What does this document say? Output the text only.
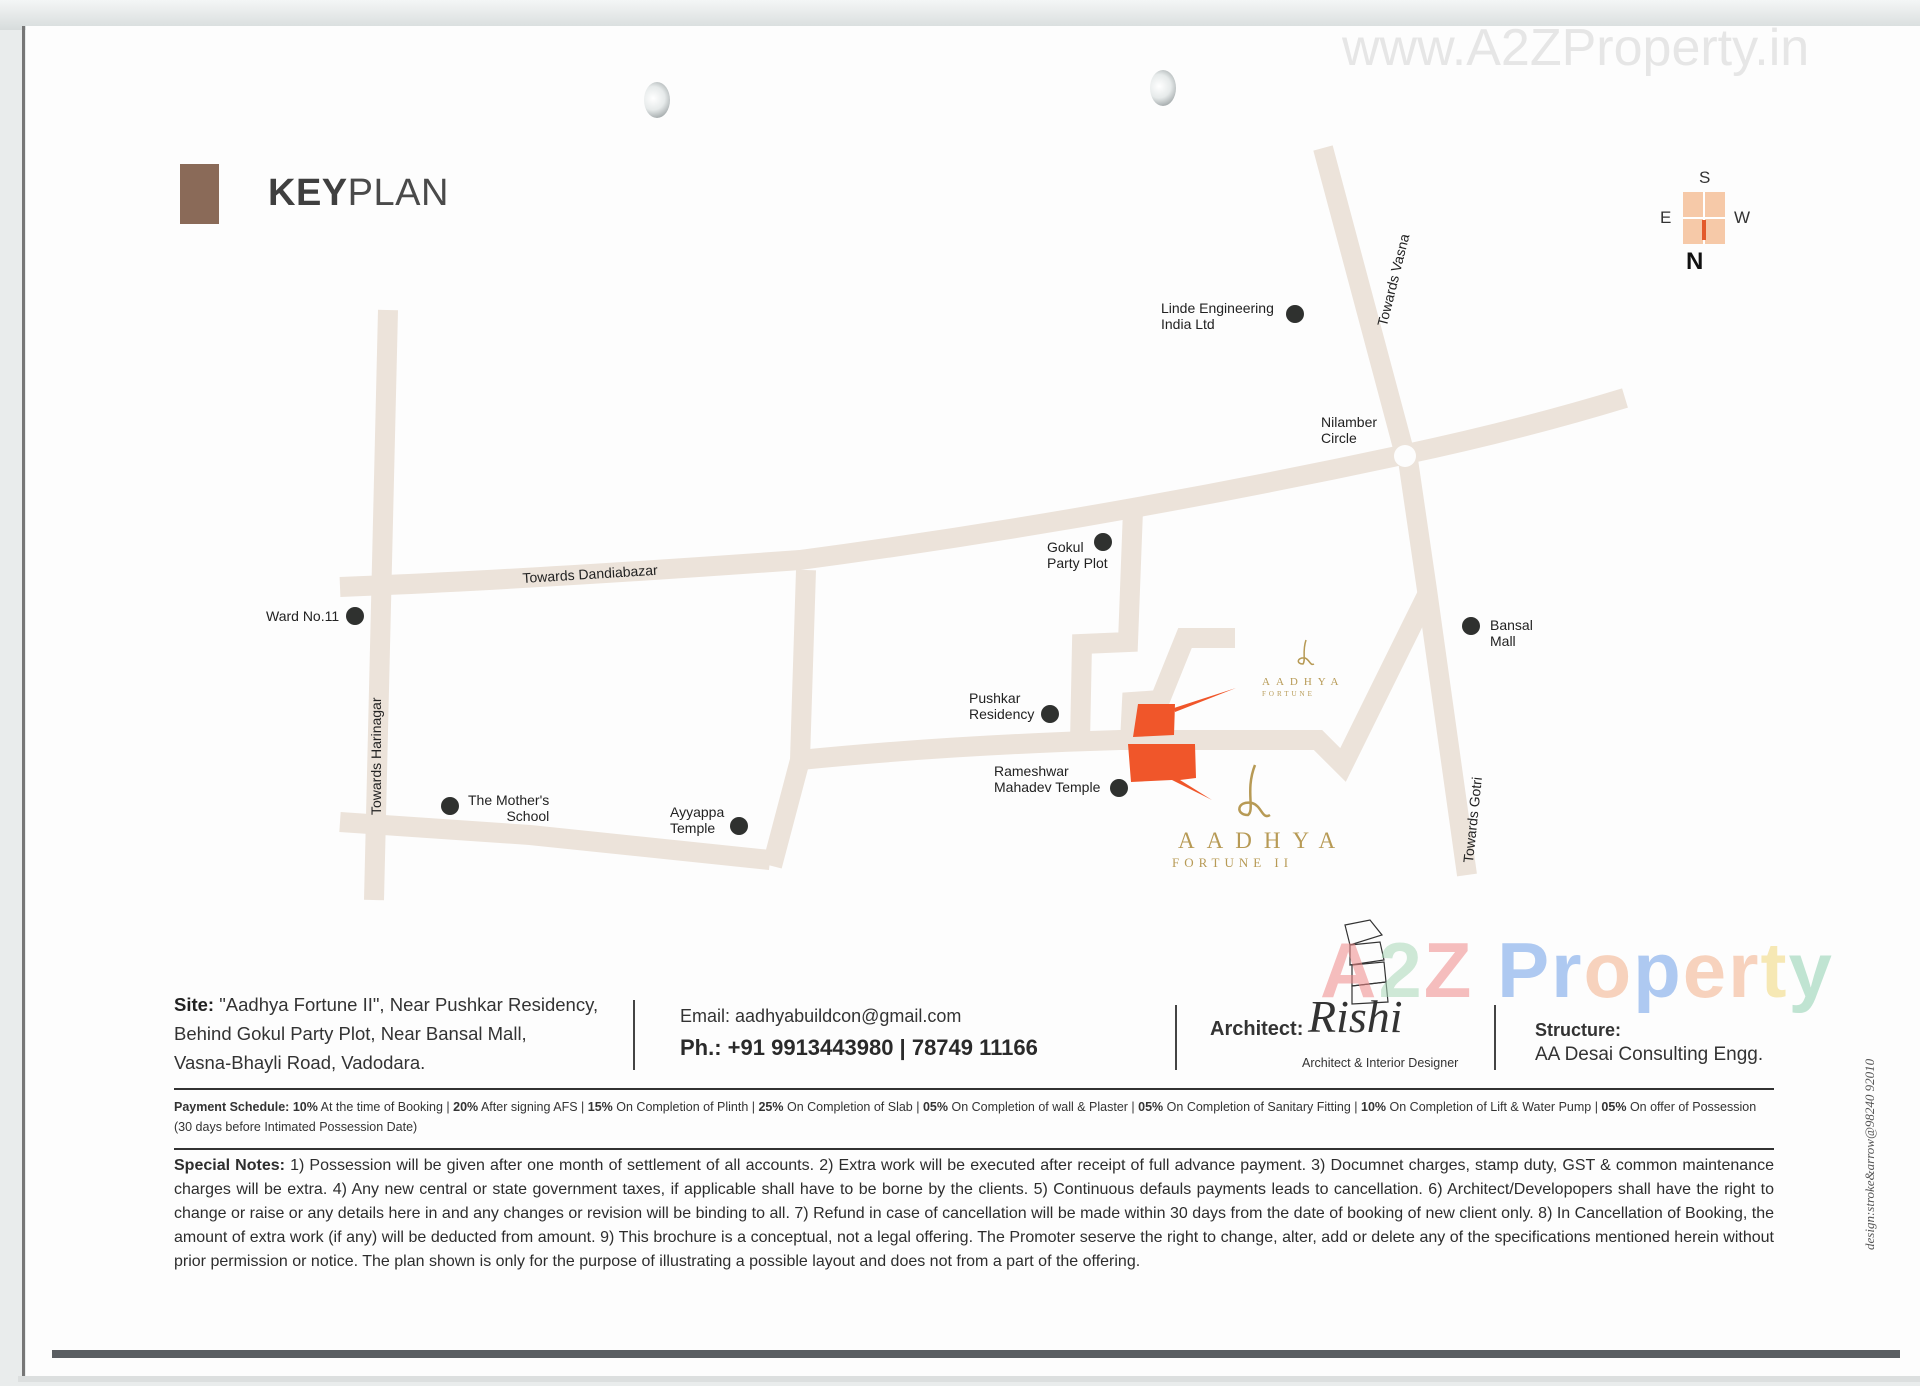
www.A2ZProperty.in
KEYPLAN	S
E	W
N
Towards Dandiabazar
Towards Harinagar
Towards Vasna
Towards Gotri
Linde Engineering
India Ltd
Nilamber
Circle
Gokul
Party Plot
Ward No.11
Bansal
Mall
Pushkar
Residency
Rameshwar
Mahadev Temple
The Mother's
School	Ayyappa
Temple
AADHYA
FORTUNE
AADHYA
FORTUNE II
A2Z Property
Site: "Aadhya Fortune II", Near Pushkar Residency,
Behind Gokul Party Plot, Near Bansal Mall,
Vasna-Bhayli Road, Vadodara.
Email: aadhyabuildcon@gmail.com
Ph.: +91 9913443980 | 78749 11166
Architect: Rishi
Architect & Interior Designer
Structure:
AA Desai Consulting Engg.
Payment Schedule: 10% At the time of Booking | 20% After signing AFS | 15% On Completion of Plinth | 25% On Completion of Slab | 05% On Completion of wall & Plaster | 05% On Completion of Sanitary Fitting | 10% On Completion of Lift & Water Pump | 05% On offer of Possession (30 days before Intimated Possession Date)
Special Notes: 1) Possession will be given after one month of settlement of all accounts. 2) Extra work will be executed after receipt of full advance payment. 3) Documnet charges, stamp duty, GST & common maintenance charges will be extra. 4) Any new central or state government taxes, if applicable shall have to be borne by the clients. 5) Continuous defauls payments leads to cancellation. 6) Architect/Developopers shall have the right to change or raise or any details here in and any changes or revision will be binding to all. 7) Refund in case of cancellation will be made within 30 days from the date of booking of new client only. 8) In Cancellation of Booking, the amount of extra work (if any) will be deducted from amount. 9) This brochure is a conceptual, not a legal offering. The Promoter seserve the right to change, alter, add or delete any of the specifications mentioned herein without prior permission or notice. The plan shown is only for the purpose of illustrating a possible layout and does not from a part of the offering.
design:stroke&arrow@98240 92010
